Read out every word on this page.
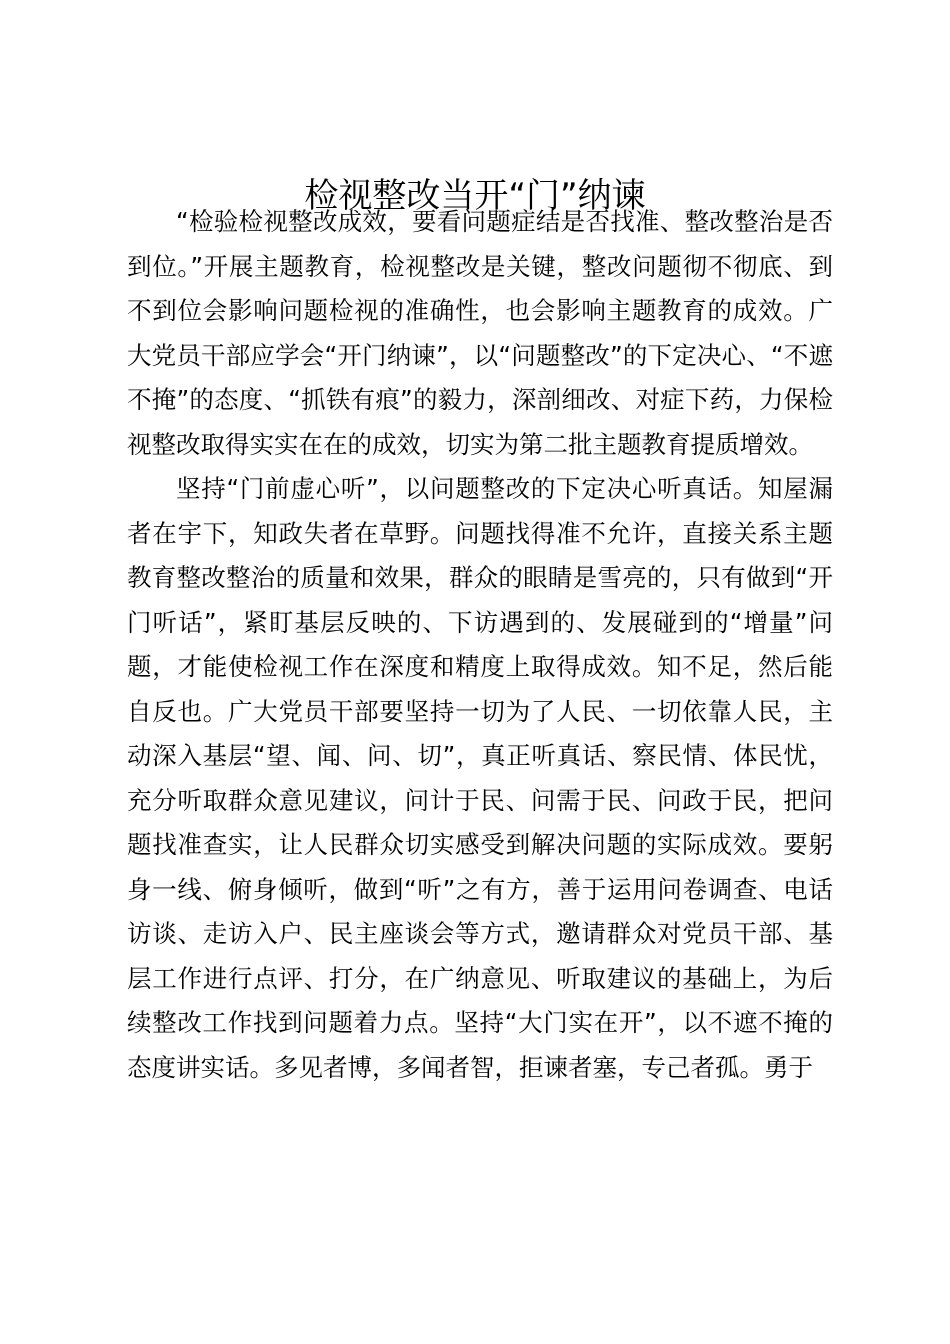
检视整改当开“门”纳谏

“检验检视整改成效，要看问题症结是否找准、整改整治是否到位。”开展主题教育，检视整改是关键，整改问题彻不彻底、到不到位会影响问题检视的准确性，也会影响主题教育的成效。广大党员干部应学会“开门纳谏”，以“问题整改”的下定决心、“不遮不掩”的态度、“抓铁有痕”的毅力，深剖细改、对症下药，力保检视整改取得实实在在的成效，切实为第二批主题教育提质增效。

坚持“门前虚心听”，以问题整改的下定决心听真话。知屋漏者在宇下，知政失者在草野。问题找得准不允许，直接关系主题教育整改整治的质量和效果，群众的眼睛是雪亮的，只有做到“开门听话”，紧盯基层反映的、下访遇到的、发展碰到的“增量”问题，才能使检视工作在深度和精度上取得成效。知不足，然后能自反也。广大党员干部要坚持一切为了人民、一切依靠人民，主动深入基层“望、闻、问、切”，真正听真话、察民情、体民忧，充分听取群众意见建议，问计于民、问需于民、问政于民，把问题找准查实，让人民群众切实感受到解决问题的实际成效。要躬身一线、俯身倾听，做到“听”之有方，善于运用问卷调查、电话访谈、走访入户、民主座谈会等方式，邀请群众对党员干部、基层工作进行点评、打分，在广纳意见、听取建议的基础上，为后续整改工作找到问题着力点。坚持“大门实在开”，以不遮不掩的态度讲实话。多见者博，多闻者智，拒谏者塞，专己者孤。勇于
